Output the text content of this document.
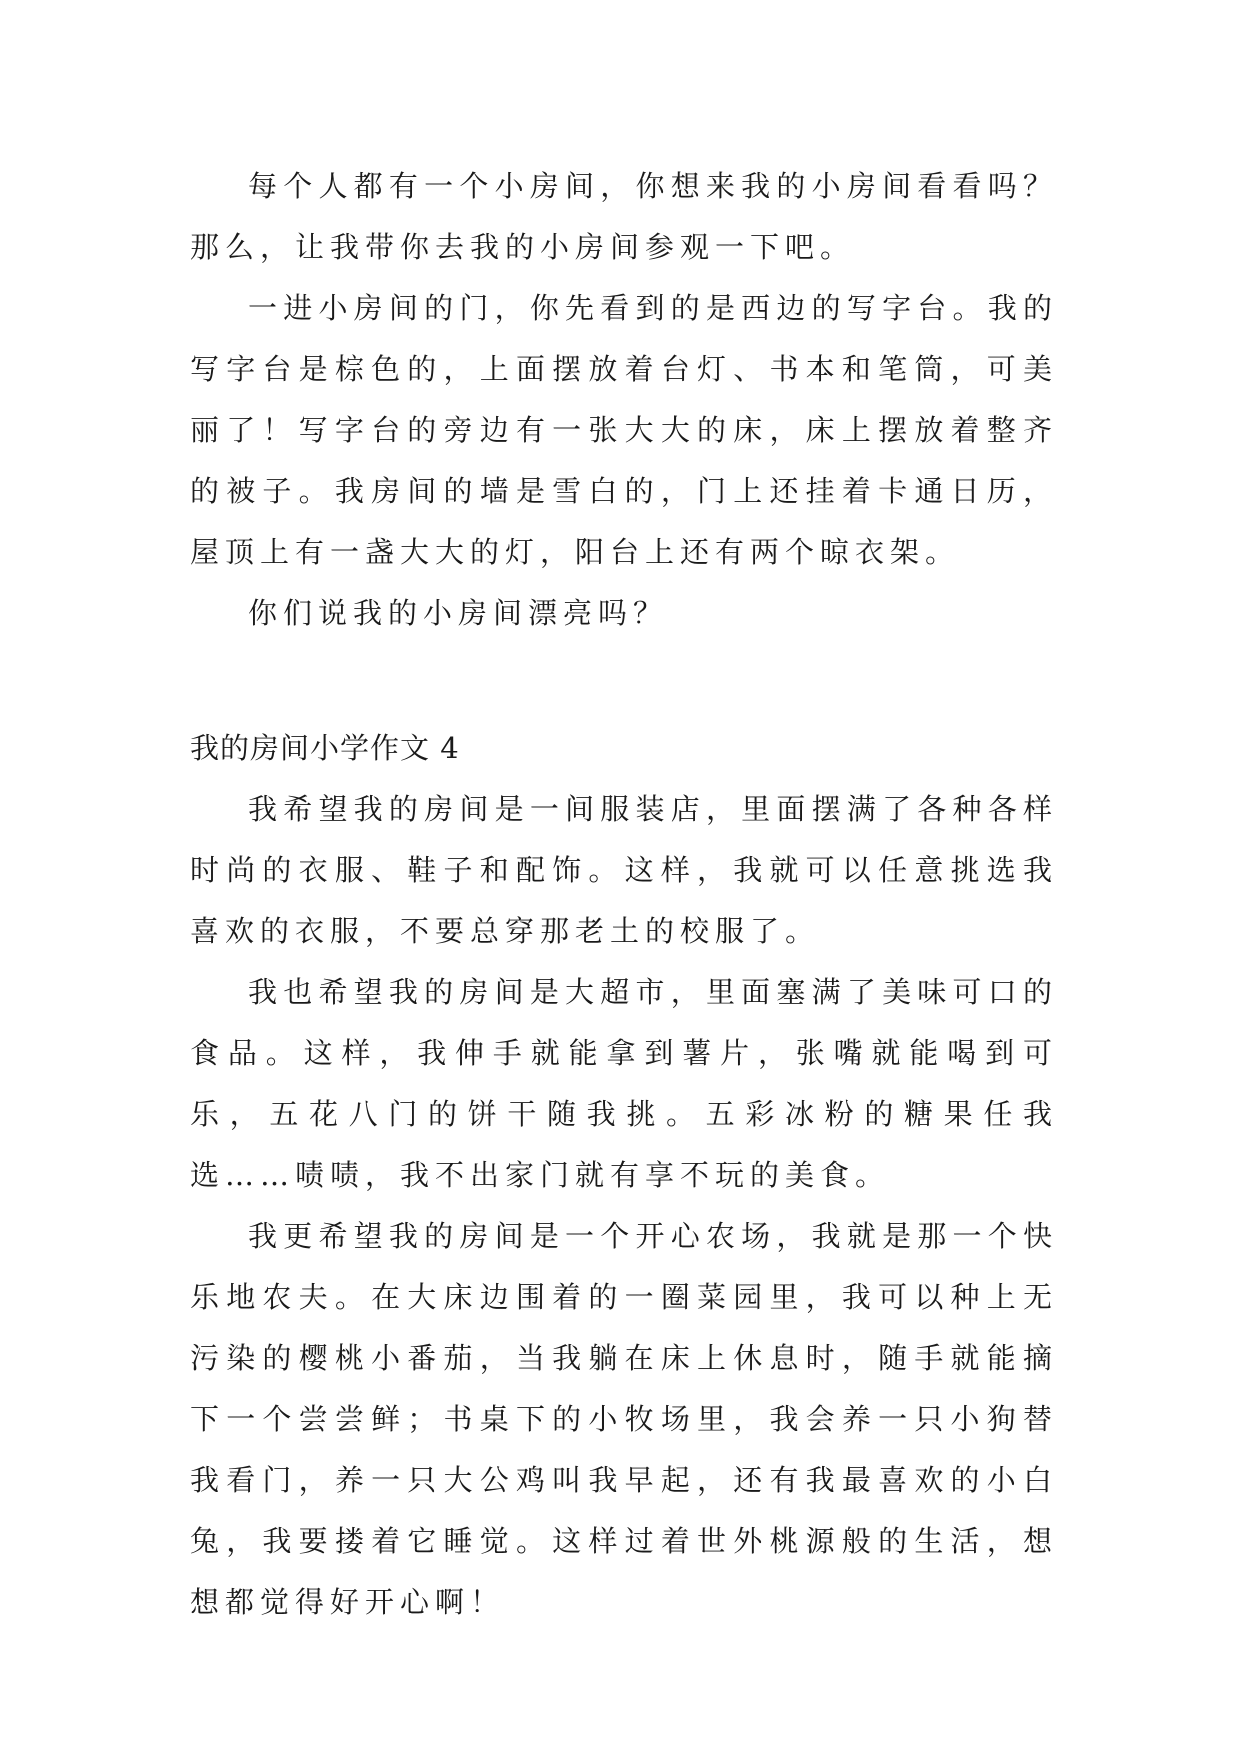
每个人都有一个小房间，你想来我的小房间看看吗？那么，让我带你去我的小房间参观一下吧。

一进小房间的门，你先看到的是西边的写字台。我的写字台是棕色的，上面摆放着台灯、书本和笔筒，可美丽了！写字台的旁边有一张大大的床，床上摆放着整齐的被子。我房间的墙是雪白的，门上还挂着卡通日历，屋顶上有一盏大大的灯，阳台上还有两个晾衣架。

你们说我的小房间漂亮吗？

我的房间小学作文 4

我希望我的房间是一间服装店，里面摆满了各种各样时尚的衣服、鞋子和配饰。这样，我就可以任意挑选我喜欢的衣服，不要总穿那老土的校服了。

我也希望我的房间是大超市，里面塞满了美味可口的食品。这样，我伸手就能拿到薯片，张嘴就能喝到可乐，五花八门的饼干随我挑。五彩冰粉的糖果任我选……啧啧，我不出家门就有享不玩的美食。

我更希望我的房间是一个开心农场，我就是那一个快乐地农夫。在大床边围着的一圈菜园里，我可以种上无污染的樱桃小番茄，当我躺在床上休息时，随手就能摘下一个尝尝鲜；书桌下的小牧场里，我会养一只小狗替我看门，养一只大公鸡叫我早起，还有我最喜欢的小白兔，我要搂着它睡觉。这样过着世外桃源般的生活，想想都觉得好开心啊！
